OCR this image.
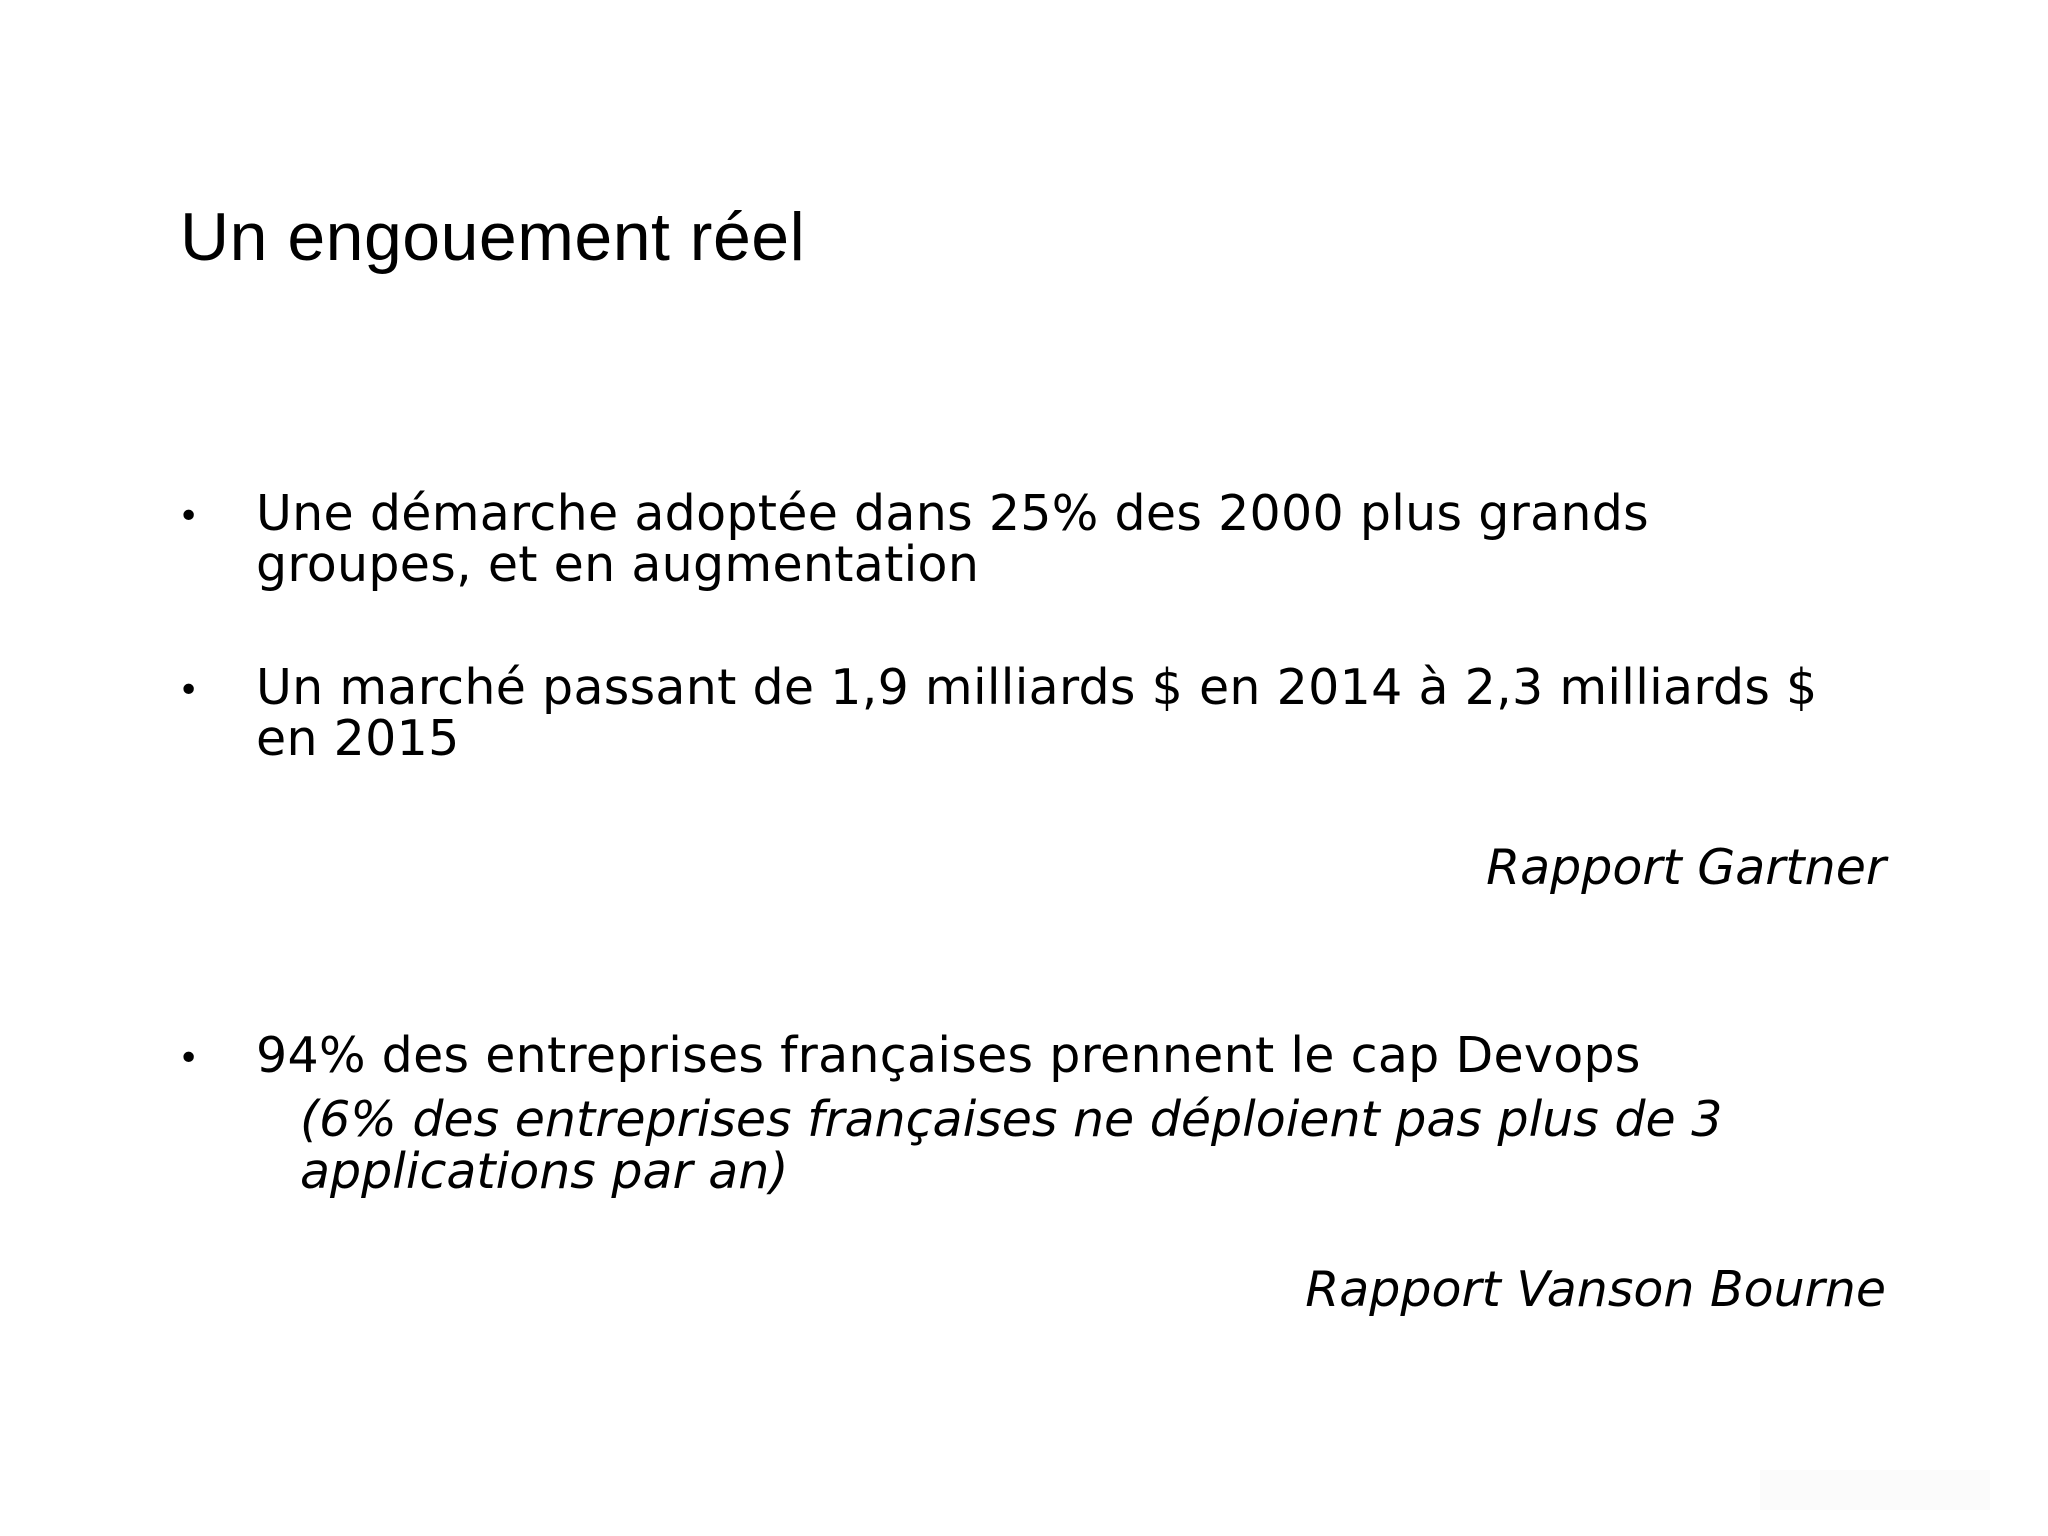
Un engouement réel
• Une démarche adoptée dans 25% des 2000 plus grands
groupes, et en augmentation
• Un marché passant de 1,9 milliards $ en 2014 à 2,3 milliards $
en 2015
Rapport Gartner
• 94% des entreprises françaises prennent le cap Devops
(6% des entreprises françaises ne déploient pas plus de 3
applications par an)
Rapport Vanson Bourne
